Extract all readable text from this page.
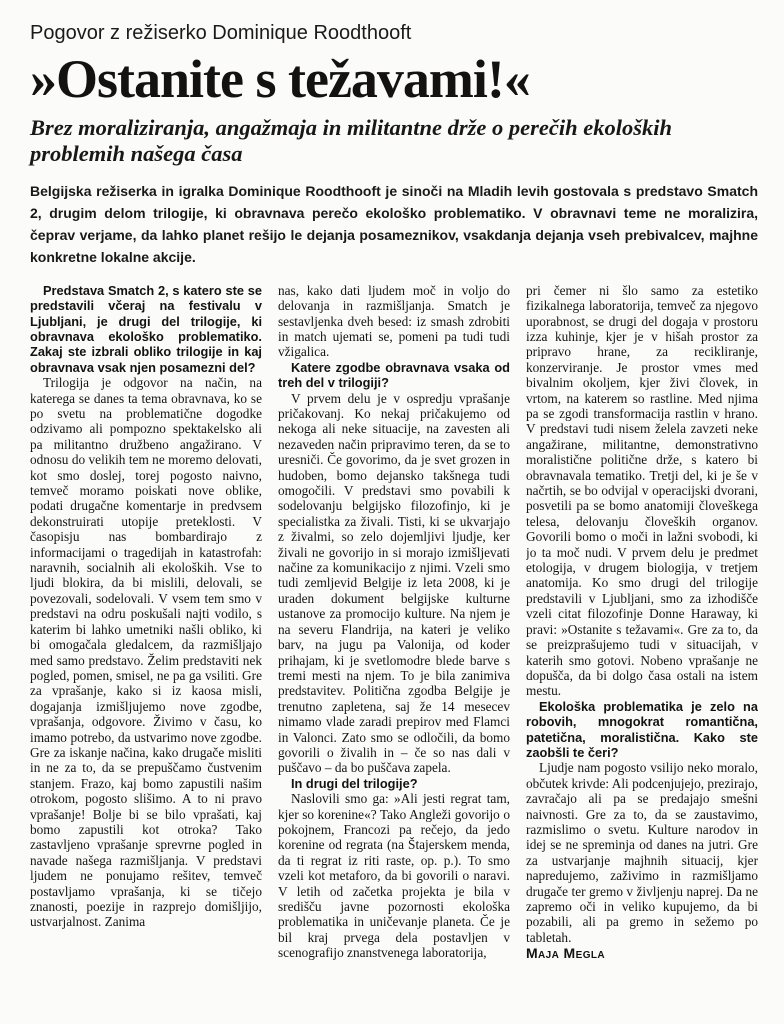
Pogovor z režiserko Dominique Roodthooft
»Ostanite s težavami!«
Brez moraliziranja, angažmaja in militantne drže o perečih ekoloških problemih našega časa
Belgijska režiserka in igralka Dominique Roodthooft je sinoči na Mladih levih gostovala s predstavo Smatch 2, drugim delom trilogije, ki obravnava perečo ekološko problematiko. V obravnavi teme ne moralizira, čeprav verjame, da lahko planet rešijo le dejanja posameznikov, vsakdanja dejanja vseh prebivalcev, majhne konkretne lokalne akcije.

Predstava Smatch 2, s katero ste se predstavili včeraj na festivalu v Ljubljani, je drugi del trilogije, ki obravnava ekološko problematiko. Zakaj ste izbrali obliko trilogije in kaj obravnava vsak njen posamezni del?

Trilogija je odgovor na način, na katerega se danes ta tema obravnava, ko se po svetu na problematične dogodke odzivamo ali pompozno spektakelsko ali pa militantno družbeno angažirano. V odnosu do velikih tem ne moremo delovati, kot smo doslej, torej pogosto naivno, temveč moramo poiskati nove oblike, podati drugačne komentarje in predvsem dekonstruirati utopije preteklosti. V časopisju nas bombardirajo z informacijami o tragedijah in katastrofah: naravnih, socialnih ali ekoloških. Vse to ljudi blokira, da bi mislili, delovali, se povezovali, sodelovali. V vsem tem smo v predstavi na odru poskušali najti vodilo, s katerim bi lahko umetniki našli obliko, ki bi omogačala gledalcem, da razmišljajo med samo predstavo. Želim predstaviti nek pogled, pomen, smisel, ne pa ga vsiliti. Gre za vprašanje, kako si iz kaosa misli, dogajanja izmišljujemo nove zgodbe, vprašanja, odgovore. Živimo v času, ko imamo potrebo, da ustvarimo nove zgodbe. Gre za iskanje načina, kako drugače misliti in ne za to, da se prepuščamo čustvenim stanjem. Frazo, kaj bomo zapustili našim otrokom, pogosto slišimo. A to ni pravo vprašanje! Bolje bi se bilo vprašati, kaj bomo zapustili kot otroka? Tako zastavljeno vprašanje sprevrne pogled in navade našega razmišljanja. V predstavi ljudem ne ponujamo rešitev, temveč postavljamo vprašanja, ki se tičejo znanosti, poezije in razprejo domišljijo, ustvarjalnost. Zanima

nas, kako dati ljudem moč in voljo do delovanja in razmišljanja. Smatch je sestavljenka dveh besed: iz smash zdrobiti in match ujemati se, pomeni pa tudi tudi vžigalica.

Katere zgodbe obravnava vsaka od treh del v trilogiji?

V prvem delu je v ospredju vprašanje pričakovanj. Ko nekaj pričakujemo od nekoga ali neke situacije, na zavesten ali nezaveden način pripravimo teren, da se to uresniči. Če govorimo, da je svet grozen in hudoben, bomo dejansko takšnega tudi omogočili. V predstavi smo povabili k sodelovanju belgijsko filozofinjo, ki je specialistka za živali. Tisti, ki se ukvarjajo z živalmi, so zelo dojemljivi ljudje, ker živali ne govorijo in si morajo izmišljevati načine za komunikacijo z njimi. Vzeli smo tudi zemljevid Belgije iz leta 2008, ki je uraden dokument belgijske kulturne ustanove za promocijo kulture. Na njem je na severu Flandrija, na kateri je veliko barv, na jugu pa Valonija, od koder prihajam, ki je svetlomodre blede barve s tremi mesti na njem. To je bila zanimiva predstavitev. Politična zgodba Belgije je trenutno zapletena, saj že 14 mesecev nimamo vlade zaradi prepirov med Flamci in Valonci. Zato smo se odločili, da bomo govorili o živalih in – če so nas dali v puščavo – da bo puščava zapela.

In drugi del trilogije?

Naslovili smo ga: »Ali jesti regrat tam, kjer so korenine«? Tako Angleži govorijo o pokojnem, Francozi pa rečejo, da jedo korenine od regrata (na Štajerskem menda, da ti regrat iz riti raste, op. p.). To smo vzeli kot metaforo, da bi govorili o naravi. V letih od začetka projekta je bila v središču javne pozornosti ekološka problematika in uničevanje planeta. Če je bil kraj prvega dela postavljen v scenografijo znanstvenega laboratorija,

pri čemer ni šlo samo za estetiko fizikalnega laboratorija, temveč za njegovo uporabnost, se drugi del dogaja v prostoru izza kuhinje, kjer je v hišah prostor za pripravo hrane, za recikliranje, konzerviranje. Je prostor vmes med bivalnim okoljem, kjer živi človek, in vrtom, na katerem so rastline. Med njima pa se zgodi transformacija rastlin v hrano. V predstavi tudi nisem želela zavzeti neke angažirane, militantne, demonstrativno moralistične politične drže, s katero bi obravnavala tematiko. Tretji del, ki je še v načrtih, se bo odvijal v operacijski dvorani, posvetili pa se bomo anatomiji človeškega telesa, delovanju človeških organov. Govorili bomo o moči in lažni svobodi, ki jo ta moč nudi. V prvem delu je predmet etologija, v drugem biologija, v tretjem anatomija. Ko smo drugi del trilogije predstavili v Ljubljani, smo za izhodišče vzeli citat filozofinje Donne Haraway, ki pravi: »Ostanite s težavami«. Gre za to, da se preizprašujemo tudi v situacijah, v katerih smo gotovi. Nobeno vprašanje ne dopušča, da bi dolgo časa ostali na istem mestu.

Ekološka problematika je zelo na robovih, mnogokrat romantična, patetična, moralistična. Kako ste zaobšli te čeri?

Ljudje nam pogosto vsilijo neko moralo, občutek krivde: Ali podcenjujejo, prezirajo, zavračajo ali pa se predajajo smešni naivnosti. Gre za to, da se zaustavimo, razmislimo o svetu. Kulture narodov in idej se ne spreminja od danes na jutri. Gre za ustvarjanje majhnih situacij, kjer napredujemo, zaživimo in razmišljamo drugače ter gremo v življenju naprej. Da ne zapremo oči in veliko kupujemo, da bi pozabili, ali pa gremo in sežemo po tabletah.

Maja Megla
